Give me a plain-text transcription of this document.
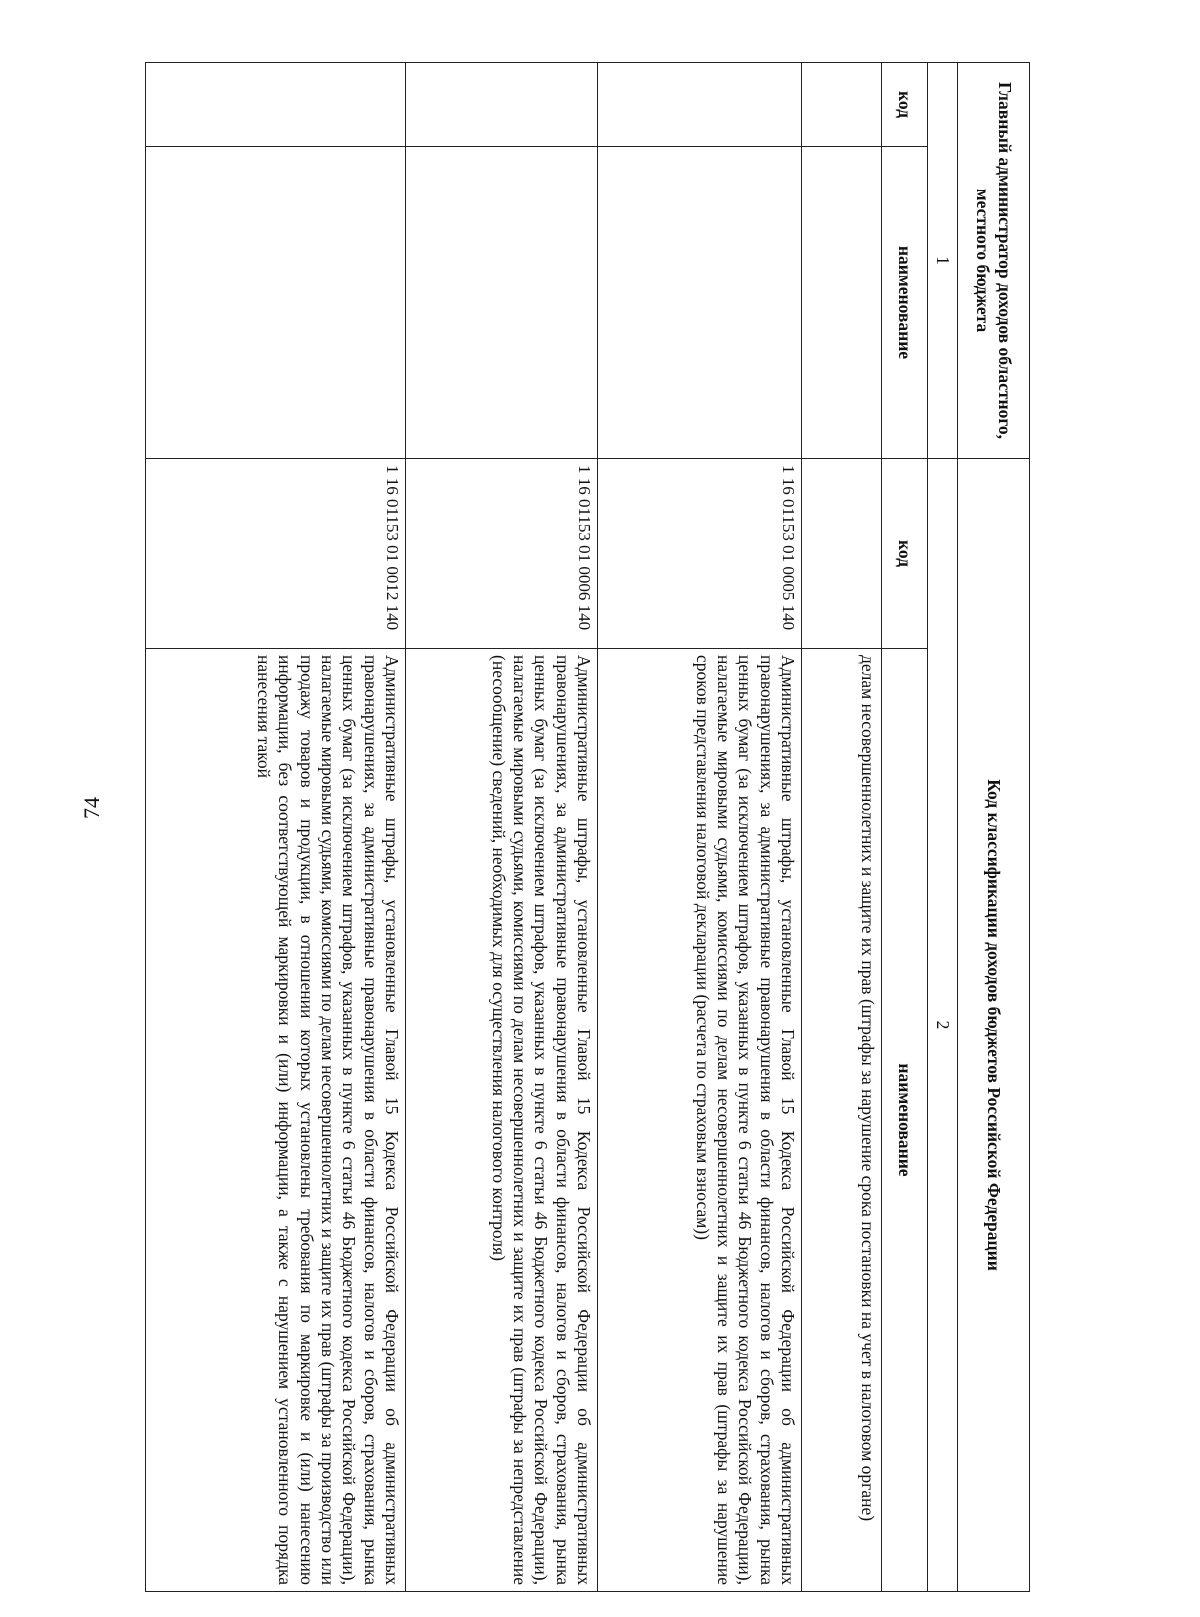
74
Главный администратор доходов областного, местного бюджета		Код классификации доходов бюджетов Российской Федерации	
1		2	
код	наименование	код	наименование
			делам несовершеннолетних и защите их прав (штрафы за нарушение срока постановки на учет в налоговом органе)
		1 16 01153 01 0005 140	Административные штрафы, установленные Главой 15 Кодекса Российской Федерации об административных правонарушениях, за административные правонарушения в области финансов, налогов и сборов, страхования, рынка ценных бумаг (за исключением штрафов, указанных в пункте 6 статьи 46 Бюджетного кодекса Российской Федерации), налагаемые мировыми судьями, комиссиями по делам несовершеннолетних и защите их прав (штрафы за нарушение сроков представления налоговой декларации (расчета по страховым взносам))
		1 16 01153 01 0006 140	Административные штрафы, установленные Главой 15 Кодекса Российской Федерации об административных правонарушениях, за административные правонарушения в области финансов, налогов и сборов, страхования, рынка ценных бумаг (за исключением штрафов, указанных в пункте 6 статьи 46 Бюджетного кодекса Российской Федерации), налагаемые мировыми судьями, комиссиями по делам несовершеннолетних и защите их прав (штрафы за непредставление (несообщение) сведений, необходимых для осуществления налогового контроля)
		1 16 01153 01 0012 140	Административные штрафы, установленные Главой 15 Кодекса Российской Федерации об административных правонарушениях, за административные правонарушения в области финансов, налогов и сборов, страхования, рынка ценных бумаг (за исключением штрафов, указанных в пункте 6 статьи 46 Бюджетного кодекса Российской Федерации), налагаемые мировыми судьями, комиссиями по делам несовершеннолетних и защите их прав (штрафы за производство или продажу товаров и продукции, в отношении которых установлены требования по маркировке и (или) нанесению информации, без соответствующей маркировки и (или) информации, а также с нарушением установленного порядка нанесения такой
